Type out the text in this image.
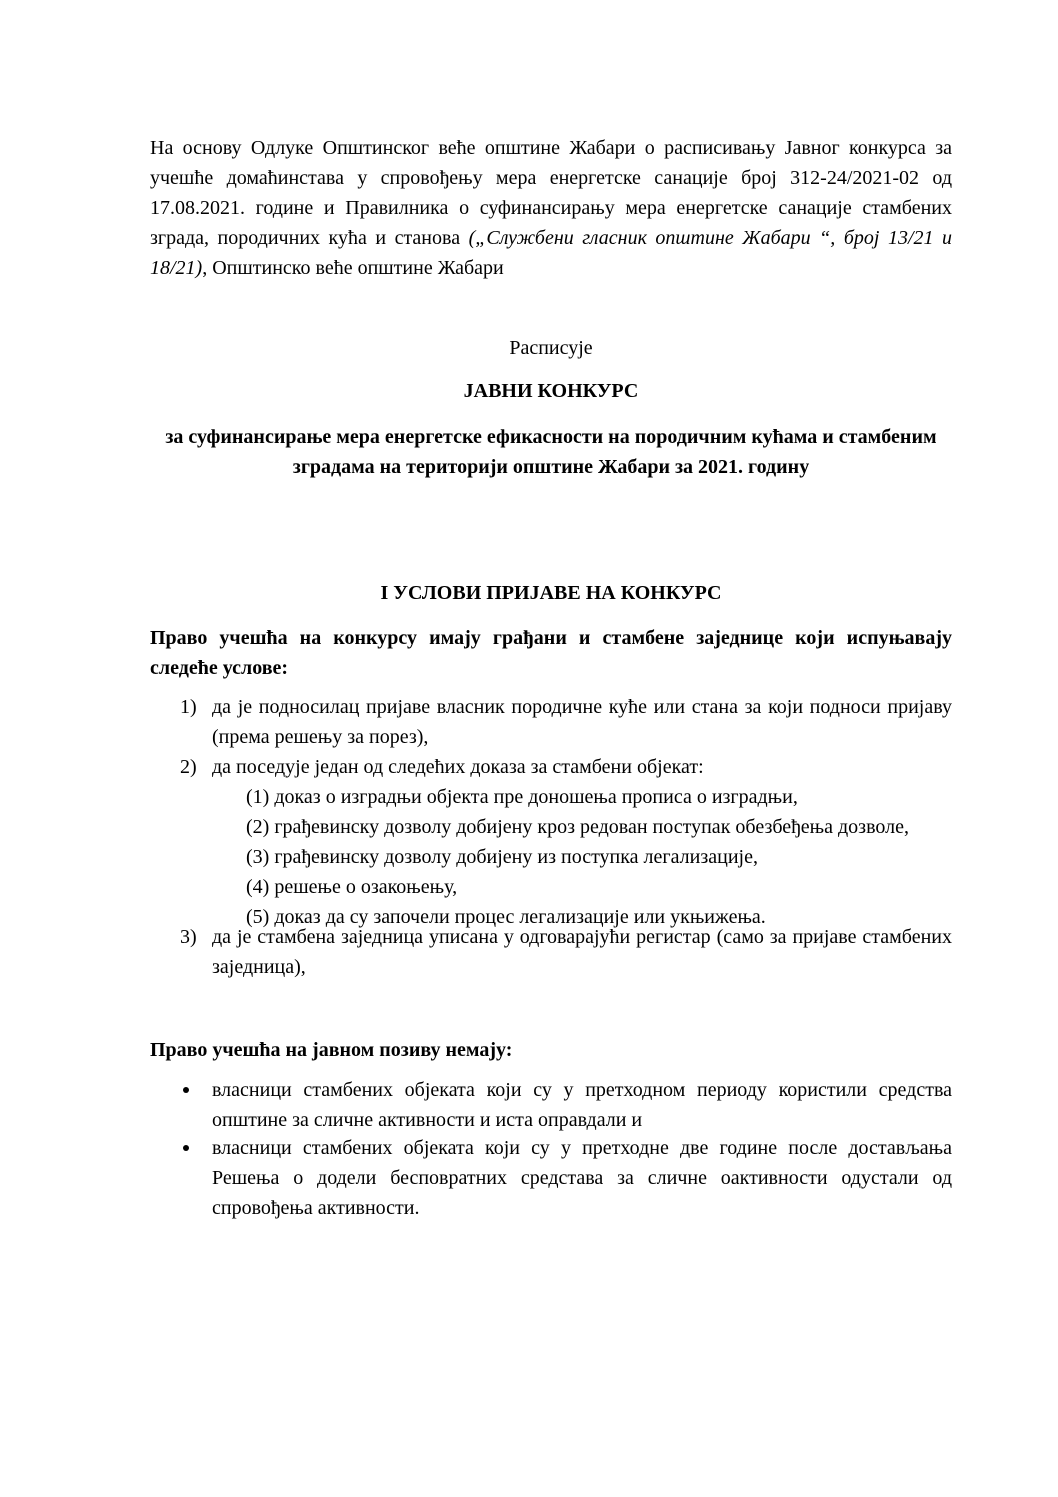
На основу Одлуке Општинског веће општине Жабари о расписивању Јавног конкурса за учешће домаћинстава у спровођењу мера енергетске санације број 312-24/2021-02 од 17.08.2021. године и Правилника о суфинансирању мера енергетске санације стамбених зграда, породичних кућа и станова („Службени гласник општине Жабари “, број 13/21 и 18/21), Општинско веће општине Жабари

Расписује
ЈАВНИ КОНКУРС
за суфинансирање мера енергетске ефикасности на породичним кућама и стамбеним зградама на територији општине Жабари за 2021. годину
I УСЛОВИ ПРИЈАВЕ НА КОНКУРС
Право учешћа на конкурсу имају грађани и стамбене заједнице који испуњавају следеће услове:
1) да је подносилац пријаве власник породичне куће или стана за који подноси пријаву (према решењу за порез),
2) да поседује један од следећих доказа за стамбени објекат:
(1) доказ о изградњи објекта пре доношења прописа о изградњи,
(2) грађевинску дозволу добијену кроз редован поступак обезбеђења дозволе,
(3) грађевинску дозволу добијену из поступка легализације,
(4) решење о озакоњењу,
(5) доказ да су започели процес легализације или укњижења.
3) да је стамбена заједница уписана у одговарајући регистар (само за пријаве стамбених заједница),
Право учешћа на јавном позиву немају:
власници стамбених објеката који су у претходном периоду користили средства општине за сличне активности и иста оправдали и
власници стамбених објеката који су у претходне две године после достављања Решења о додели бесповратних средстава за сличне оактивности одустали од спровођења активности.
